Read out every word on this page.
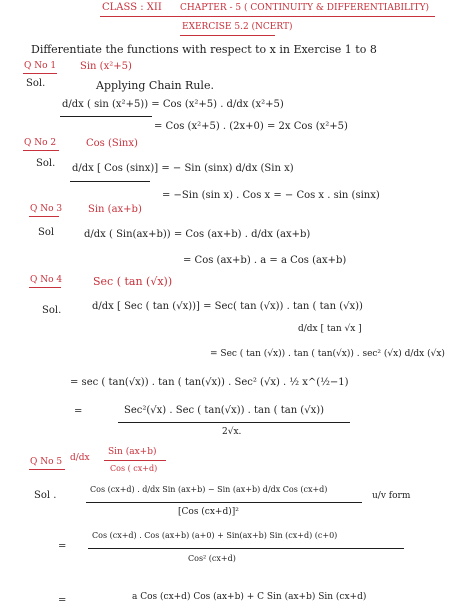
CLASS : XII CHAPTER - 5 ( CONTINUITY & DIFFERENTIABILITY)
EXERCISE 5.2 (NCERT)
Differentiate the functions with respect to x in Exercise 1 to 8
Q No 1 Sin (x²+5)
Sol.	Applying Chain Rule.
d/dx ( sin (x²+5)) = Cos (x²+5) . d/dx (x²+5)
= Cos (x²+5) . (2x+0) = 2x Cos (x²+5)
Q No 2	Cos (Sinx)
Sol. d/dx [ Cos (sinx)] = − Sin (sinx) d/dx (Sin x)
= −Sin (sin x) . Cos x = − Cos x . sin (sinx)
Q No 3	Sin (ax+b)
Sol	d/dx ( Sin(ax+b)) = Cos (ax+b) . d/dx (ax+b)
= Cos (ax+b) . a = a Cos (ax+b)
Q No 4	Sec ( tan (√x))
Sol.	d/dx [ Sec ( tan (√x))] = Sec( tan (√x)) . tan ( tan (√x))
d/dx [ tan √x ]
= Sec ( tan (√x)) . tan ( tan(√x)) . sec² (√x) d/dx (√x)
= sec ( tan(√x)) . tan ( tan(√x)) . Sec² (√x) . ½ x^(½−1)
=	Sec²(√x) . Sec ( tan(√x)) . tan ( tan (√x))
2√x.
Q No 5 d/dx
Sin (ax+b)
Cos ( cx+d)
Sol .
Cos (cx+d) . d/dx Sin (ax+b) − Sin (ax+b) d/dx Cos (cx+d)
[Cos (cx+d)]²
u/v form
=
Cos (cx+d) . Cos (ax+b) (a+0) + Sin(ax+b) Sin (cx+d) (c+0)
Cos² (cx+d)
=	a Cos (cx+d) Cos (ax+b) + C Sin (ax+b) Sin (cx+d)
